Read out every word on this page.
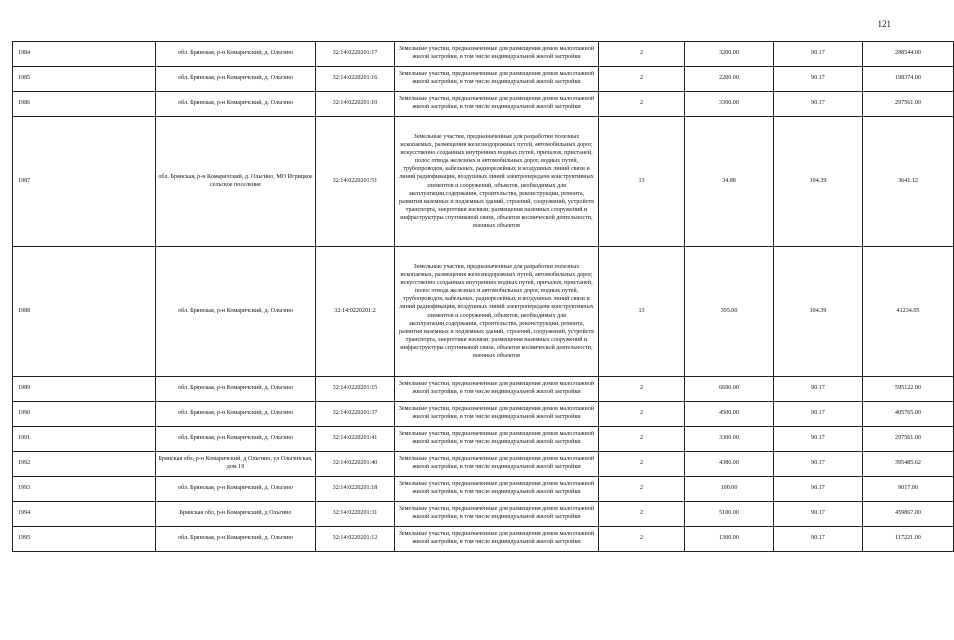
121
1984	обл. Брянская, р-н Комаричский, д. Ольгино	32:14:0220201:17	Земельные участки, предназначенные для размещения домов малоэтажной жилой застройки, в том числе индивидуальной жилой застройки	2	3200.00	90.17	288544.00
1985	обл. Брянская, р-н Комаричский, д. Ольгино	32:14:0220201:16	Земельные участки, предназначенные для размещения домов малоэтажной жилой застройки, в том числе индивидуальной жилой застройки	2	2200.00	90.17	198374.00
1986	обл. Брянская, р-н Комаричский, д. Ольгино	32:14:0220201:10	Земельные участки, предназначенные для размещения домов малоэтажной жилой застройки, в том числе индивидуальной жилой застройки	2	3300.00	90.17	297561.00
1987	обл. Брянская, р-н Комаричский, д. Ольгино, МО Игрицкое сельское поселение	32:14:0220201:51	Земельные участки, предназначенные для разработки полезных ископаемых, размещения железнодорожных путей, автомобильных дорог, искусственно созданных внутренних водных путей, причалов, пристаней, полос отвода железных и автомобильных дорог, водных путей, трубопроводов, кабельных, радиорелейных и воздушных линий связи и линий радиофикации, воздушных линий электропередачи конструктивных элементов и сооружений, объектов, необходимых для эксплуатации,содержания, строительства, реконструкции, ремонта, развития наземных и подземных зданий, строений, сооружений, устройств транспорта, энергетики иэсвязи; размещения наземных сооружений и инфраструктуры спутниковой связи, объектов космической деятельности, военных объектов	13	34.88	104.39	3641.12
1988	обл. Брянская, р-н Комаричский, д. Ольгино	32:14:0220201:2	Земельные участки, предназначенные для разработки полезных ископаемых, размещения железнодорожных путей, автомобильных дорог, искусственно созданных внутренних водных путей, причалов, пристаней, полос отвода железных и автомобильных дорог, водных путей, трубопроводов, кабельных, радиорелейных и воздушных линий связи и линий радиофикации, воздушных линий электропередачи конструктивных элементов и сооружений, объектов, необходимых для эксплуатации,содержания, строительства, реконструкции, ремонта, развития наземных и подземных зданий, строений, сооружений, устройств транспорта, энергетики иэсвязи; размещения наземных сооружений и инфраструктуры спутниковой связи, объектов космической деятельности, военных объектов	13	395.00	104.39	41234.05
1989	обл. Брянская, р-н Комаричский, д. Ольгино	32:14:0220201:15	Земельные участки, предназначенные для размещения домов малоэтажной жилой застройки, в том числе индивидуальной жилой застройки	2	6600.00	90.17	595122.00
1990	обл. Брянская, р-н Комаричский, д. Ольгино	32:14:0220201:37	Земельные участки, предназначенные для размещения домов малоэтажной жилой застройки, в том числе индивидуальной жилой застройки	2	4500.00	90.17	405765.00
1991	обл. Брянская, р-н Комаричский, д. Ольгино	32:14:0220201:41	Земельные участки, предназначенные для размещения домов малоэтажной жилой застройки, в том числе индивидуальной жилой застройки	2	3300.00	90.17	297561.00
1992	Брянская обл, р-н Комаричский, д Ольгино, ул Ольгинская, дом 19	32:14:0220201:40	Земельные участки, предназначенные для размещения домов малоэтажной жилой застройки, в том числе индивидуальной жилой застройки	2	4386.00	90.17	395485.62
1993	обл. Брянская, р-н Комаричский, д. Ольгино	32:14:0220201:18	Земельные участки, предназначенные для размещения домов малоэтажной жилой застройки, в том числе индивидуальной жилой застройки	2	100.00	90.17	9017.00
1994	Брянская обл, р-н Комаричский, д Ольгино	32:14:0220201:31	Земельные участки, предназначенные для размещения домов малоэтажной жилой застройки, в том числе индивидуальной жилой застройки	2	5100.00	90.17	459867.00
1995	обл. Брянская, р-н Комаричский, д. Ольгино	32:14:0220201:12	Земельные участки, предназначенные для размещения домов малоэтажной жилой застройки, в том числе индивидуальной жилой застройки	2	1300.00	90.17	117221.00
